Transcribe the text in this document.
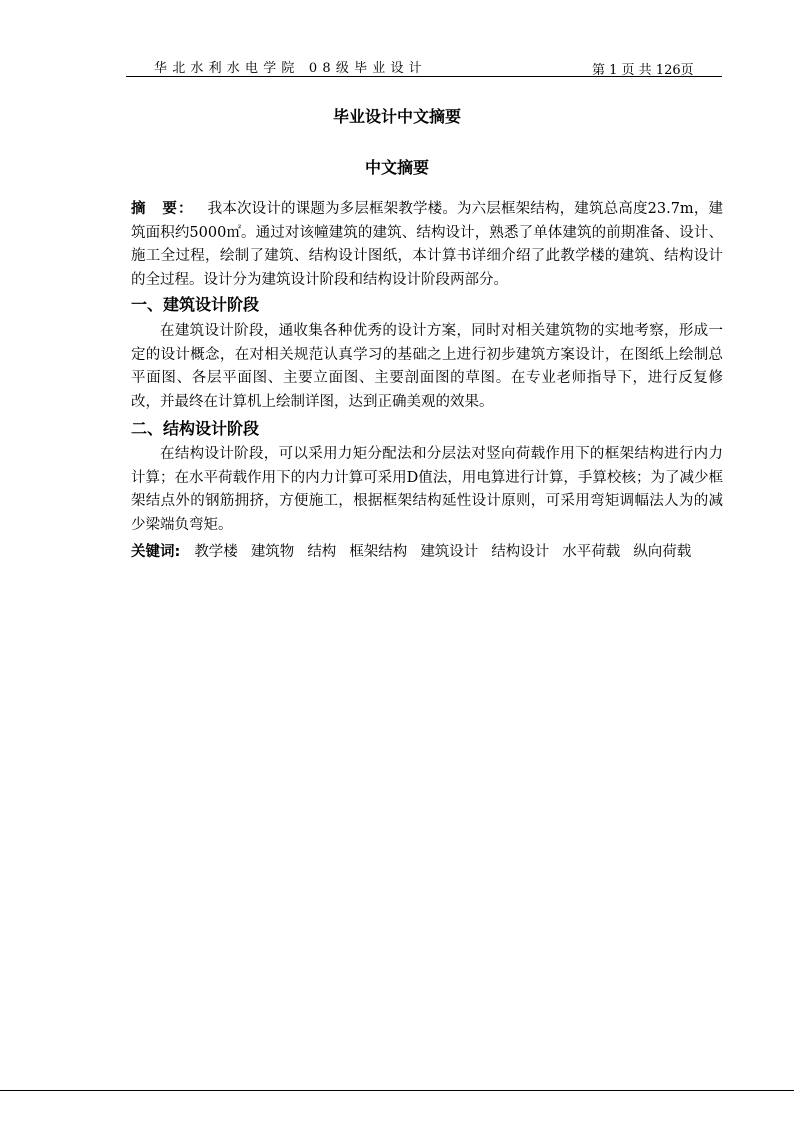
华北水利水电学院 08级毕业设计	第 1 页 共 126页
毕业设计中文摘要
中文摘要

摘　要： 我本次设计的课题为多层框架教学楼。为六层框架结构，建筑总高度23.7m，建筑面积约5000㎡。通过对该幢建筑的建筑、结构设计，熟悉了单体建筑的前期准备、设计、施工全过程，绘制了建筑、结构设计图纸，本计算书详细介绍了此教学楼的建筑、结构设计的全过程。设计分为建筑设计阶段和结构设计阶段两部分。

一、建筑设计阶段

在建筑设计阶段，通收集各种优秀的设计方案，同时对相关建筑物的实地考察，形成一定的设计概念，在对相关规范认真学习的基础之上进行初步建筑方案设计，在图纸上绘制总平面图、各层平面图、主要立面图、主要剖面图的草图。在专业老师指导下，进行反复修改，并最终在计算机上绘制详图，达到正确美观的效果。

二、结构设计阶段

在结构设计阶段，可以采用力矩分配法和分层法对竖向荷载作用下的框架结构进行内力计算；在水平荷载作用下的内力计算可采用D值法，用电算进行计算，手算校核；为了减少框架结点外的钢筋拥挤，方便施工，根据框架结构延性设计原则，可采用弯矩调幅法人为的减少梁端负弯矩。

关键词: 教学楼 建筑物 结构 框架结构 建筑设计 结构设计 水平荷载 纵向荷载
